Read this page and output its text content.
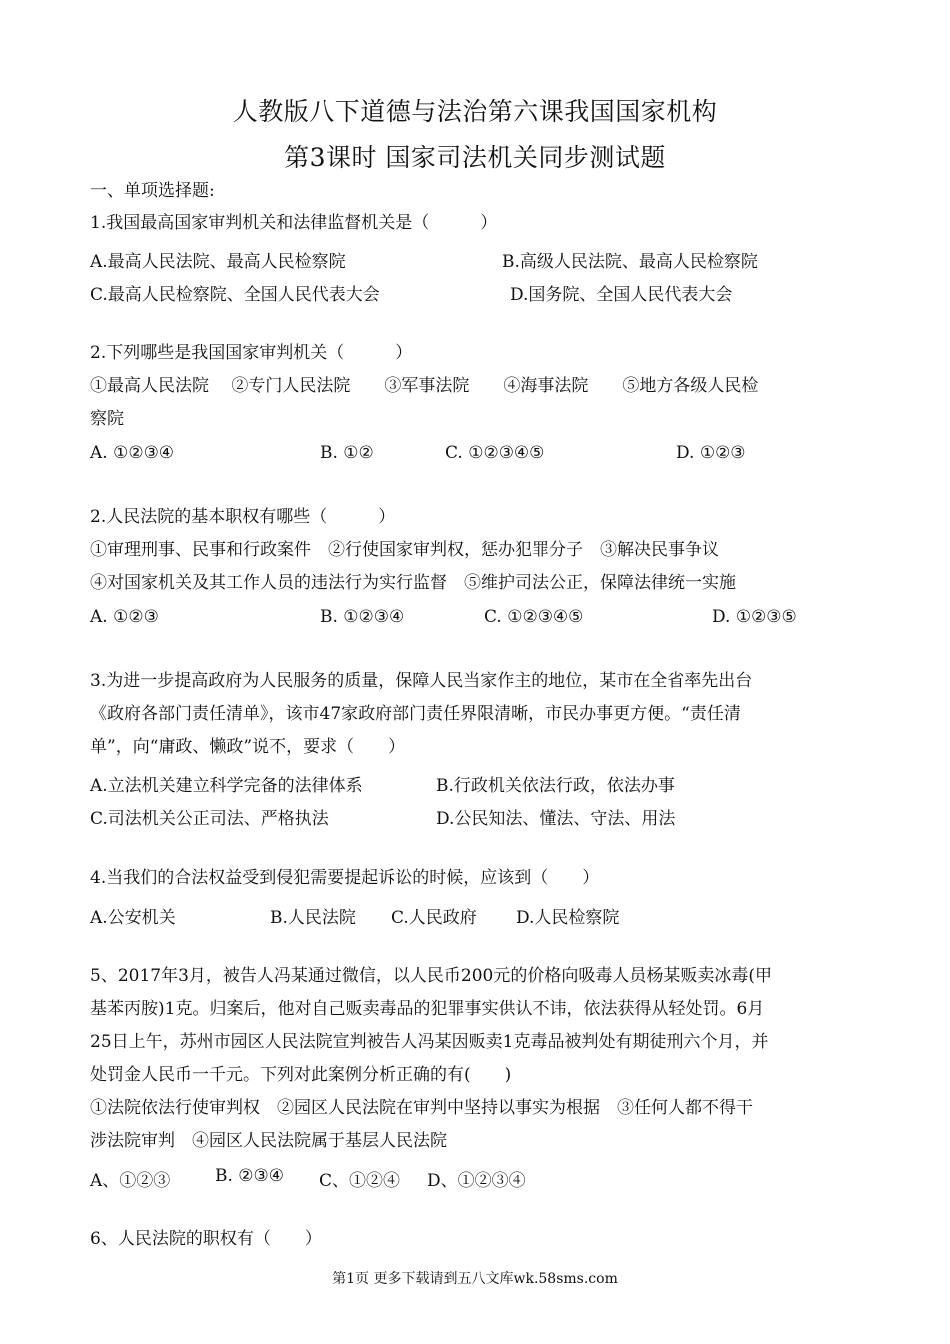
人教版八下道德与法治第六课我国国家机构
第3课时 国家司法机关同步测试题
一、单项选择题:
1.我国最高国家审判机关和法律监督机关是（　　　）
A.最高人民法院、最高人民检察院	B.高级人民法院、最高人民检察院
C.最高人民检察院、全国人民代表大会	D.国务院、全国人民代表大会
2.下列哪些是我国国家审判机关（　　　）
①最高人民法院　 ②专门人民法院　　③军事法院　　④海事法院　　⑤地方各级人民检
察院
A. ①②③④	B. ①②	C. ①②③④⑤	D. ①②③
2.人民法院的基本职权有哪些（　　　）
①审理刑事、民事和行政案件　②行使国家审判权，惩办犯罪分子　③解决民事争议
④对国家机关及其工作人员的违法行为实行监督　⑤维护司法公正，保障法律统一实施
A. ①②③	B. ①②③④	C. ①②③④⑤	D. ①②③⑤
3.为进一步提高政府为人民服务的质量，保障人民当家作主的地位，某市在全省率先出台
《政府各部门责任清单》，该市47家政府部门责任界限清晰，市民办事更方便。“责任清
单”，向“庸政、懒政”说不，要求（　　）
A.立法机关建立科学完备的法律体系	B.行政机关依法行政，依法办事
C.司法机关公正司法、严格执法	D.公民知法、懂法、守法、用法
4.当我们的合法权益受到侵犯需要提起诉讼的时候，应该到（　　）
A.公安机关	B.人民法院 C.人民政府 D.人民检察院
5、2017年3月，被告人冯某通过微信，以人民币200元的价格向吸毒人员杨某贩卖冰毒(甲
基苯丙胺)1克。归案后，他对自己贩卖毒品的犯罪事实供认不讳，依法获得从轻处罚。6月
25日上午，苏州市园区人民法院宣判被告人冯某因贩卖1克毒品被判处有期徒刑六个月，并
处罚金人民币一千元。下列对此案例分析正确的有(　　)
①法院依法行使审判权　②园区人民法院在审判中坚持以事实为根据　③任何人都不得干
涉法院审判　④园区人民法院属于基层人民法院
A、①②③	B. ②③④ C、①②④ D、①②③④
6、人民法院的职权有（　　）
第1页 更多下载请到五八文库wk.58sms.com
